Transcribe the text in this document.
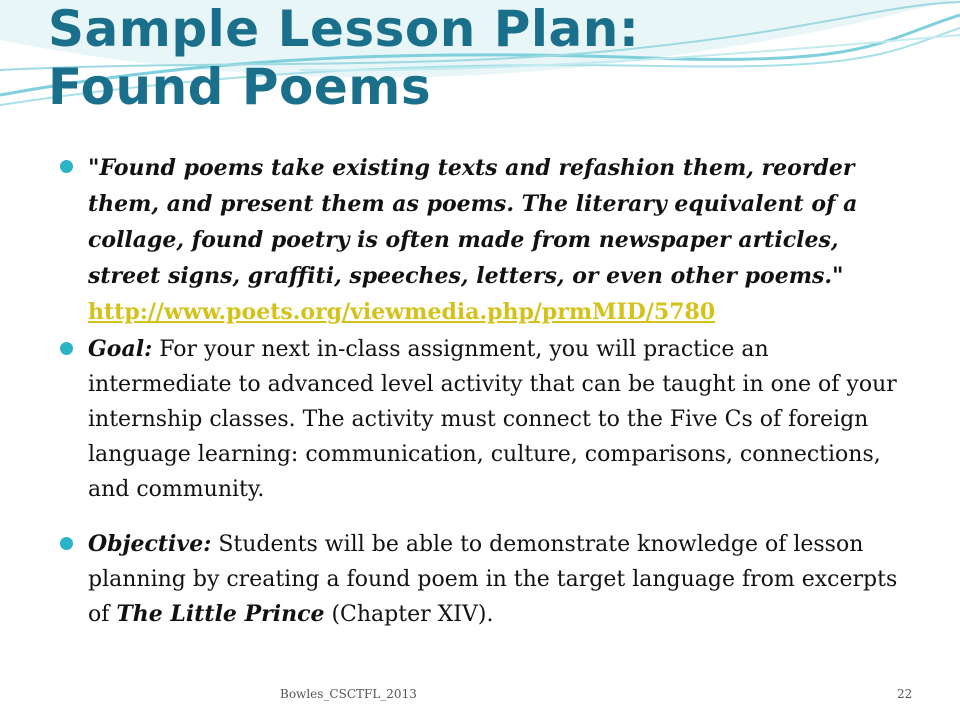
Sample Lesson Plan:
Found Poems
"Found poems take existing texts and refashion them, reorder them, and present them as poems. The literary equivalent of a collage, found poetry is often made from newspaper articles, street signs, graffiti, speeches, letters, or even other poems." http://www.poets.org/viewmedia.php/prmMID/5780
Goal: For your next in-class assignment, you will practice an intermediate to advanced level activity that can be taught in one of your internship classes. The activity must connect to the Five Cs of foreign language learning: communication, culture, comparisons, connections, and community.
Objective: Students will be able to demonstrate knowledge of lesson planning by creating a found poem in the target language from excerpts of The Little Prince (Chapter XIV).
Bowles_CSCTFL_2013	22
